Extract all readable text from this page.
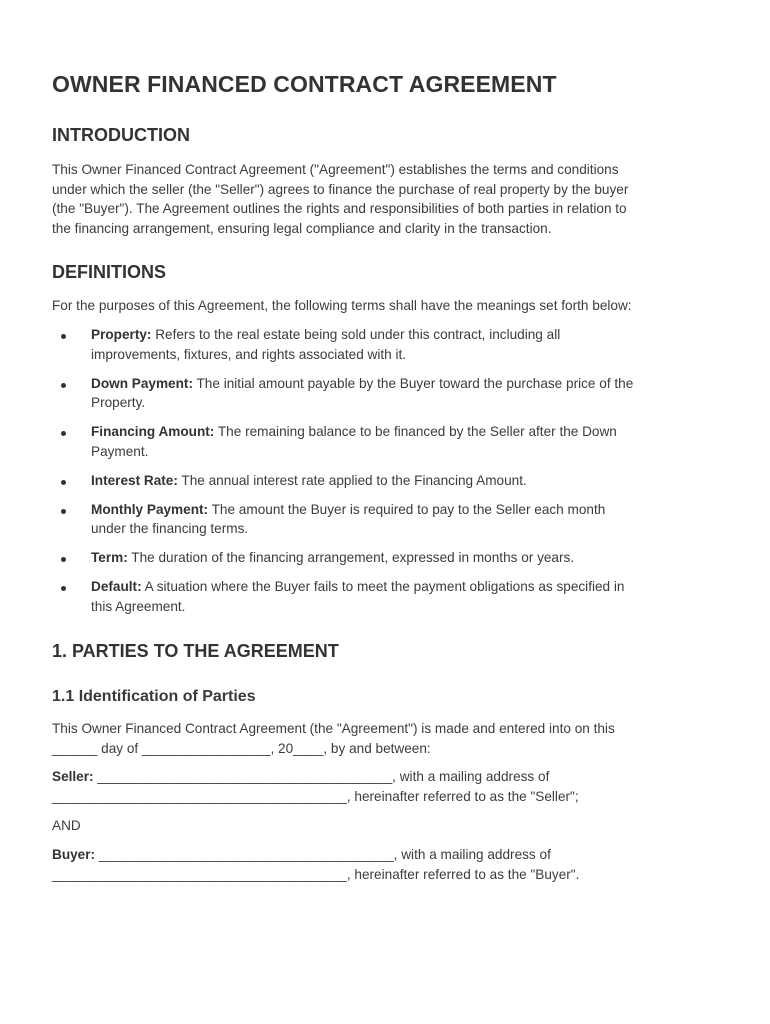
OWNER FINANCED CONTRACT AGREEMENT
INTRODUCTION

This Owner Financed Contract Agreement ("Agreement") establishes the terms and conditions
under which the seller (the "Seller") agrees to finance the purchase of real property by the buyer
(the "Buyer"). The Agreement outlines the rights and responsibilities of both parties in relation to
the financing arrangement, ensuring legal compliance and clarity in the transaction.

DEFINITIONS

For the purposes of this Agreement, the following terms shall have the meanings set forth below:

Property: Refers to the real estate being sold under this contract, including all
improvements, fixtures, and rights associated with it.
Down Payment: The initial amount payable by the Buyer toward the purchase price of the
Property.
Financing Amount: The remaining balance to be financed by the Seller after the Down
Payment.
Interest Rate: The annual interest rate applied to the Financing Amount.
Monthly Payment: The amount the Buyer is required to pay to the Seller each month
under the financing terms.
Term: The duration of the financing arrangement, expressed in months or years.
Default: A situation where the Buyer fails to meet the payment obligations as specified in
this Agreement.
1. PARTIES TO THE AGREEMENT
1.1 Identification of Parties

This Owner Financed Contract Agreement (the "Agreement") is made and entered into on this
______ day of _________________, 20____, by and between:

Seller: _______________________________________, with a mailing address of
_______________________________________, hereinafter referred to as the "Seller";

AND

Buyer: _______________________________________, with a mailing address of
_______________________________________, hereinafter referred to as the "Buyer".
